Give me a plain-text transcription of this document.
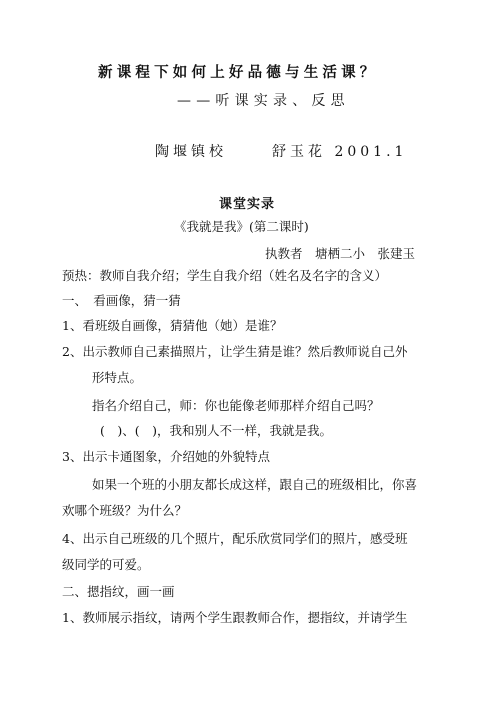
新课程下如何上好品德与生活课？
——听课实录、反思
陶堰镇校	舒玉花 2001.1
课堂实录
《我就是我》(第二课时)
执教者　塘栖二小　张建玉
预热：教师自我介绍；学生自我介绍（姓名及名字的含义）
一、　看画像，猜一猜
1、看班级自画像，猜猜他（她）是谁？
2、出示教师自己素描照片，让学生猜是谁？然后教师说自己外
形特点。
指名介绍自己，师：你也能像老师那样介绍自己吗？
(　)、(　)，我和别人不一样，我就是我。
3、出示卡通图象，介绍她的外貌特点
如果一个班的小朋友都长成这样，跟自己的班级相比，你喜
欢哪个班级？为什么？
4、出示自己班级的几个照片，配乐欣赏同学们的照片，感受班
级同学的可爱。
二、摁指纹，画一画
1、教师展示指纹，请两个学生跟教师合作，摁指纹，并请学生
